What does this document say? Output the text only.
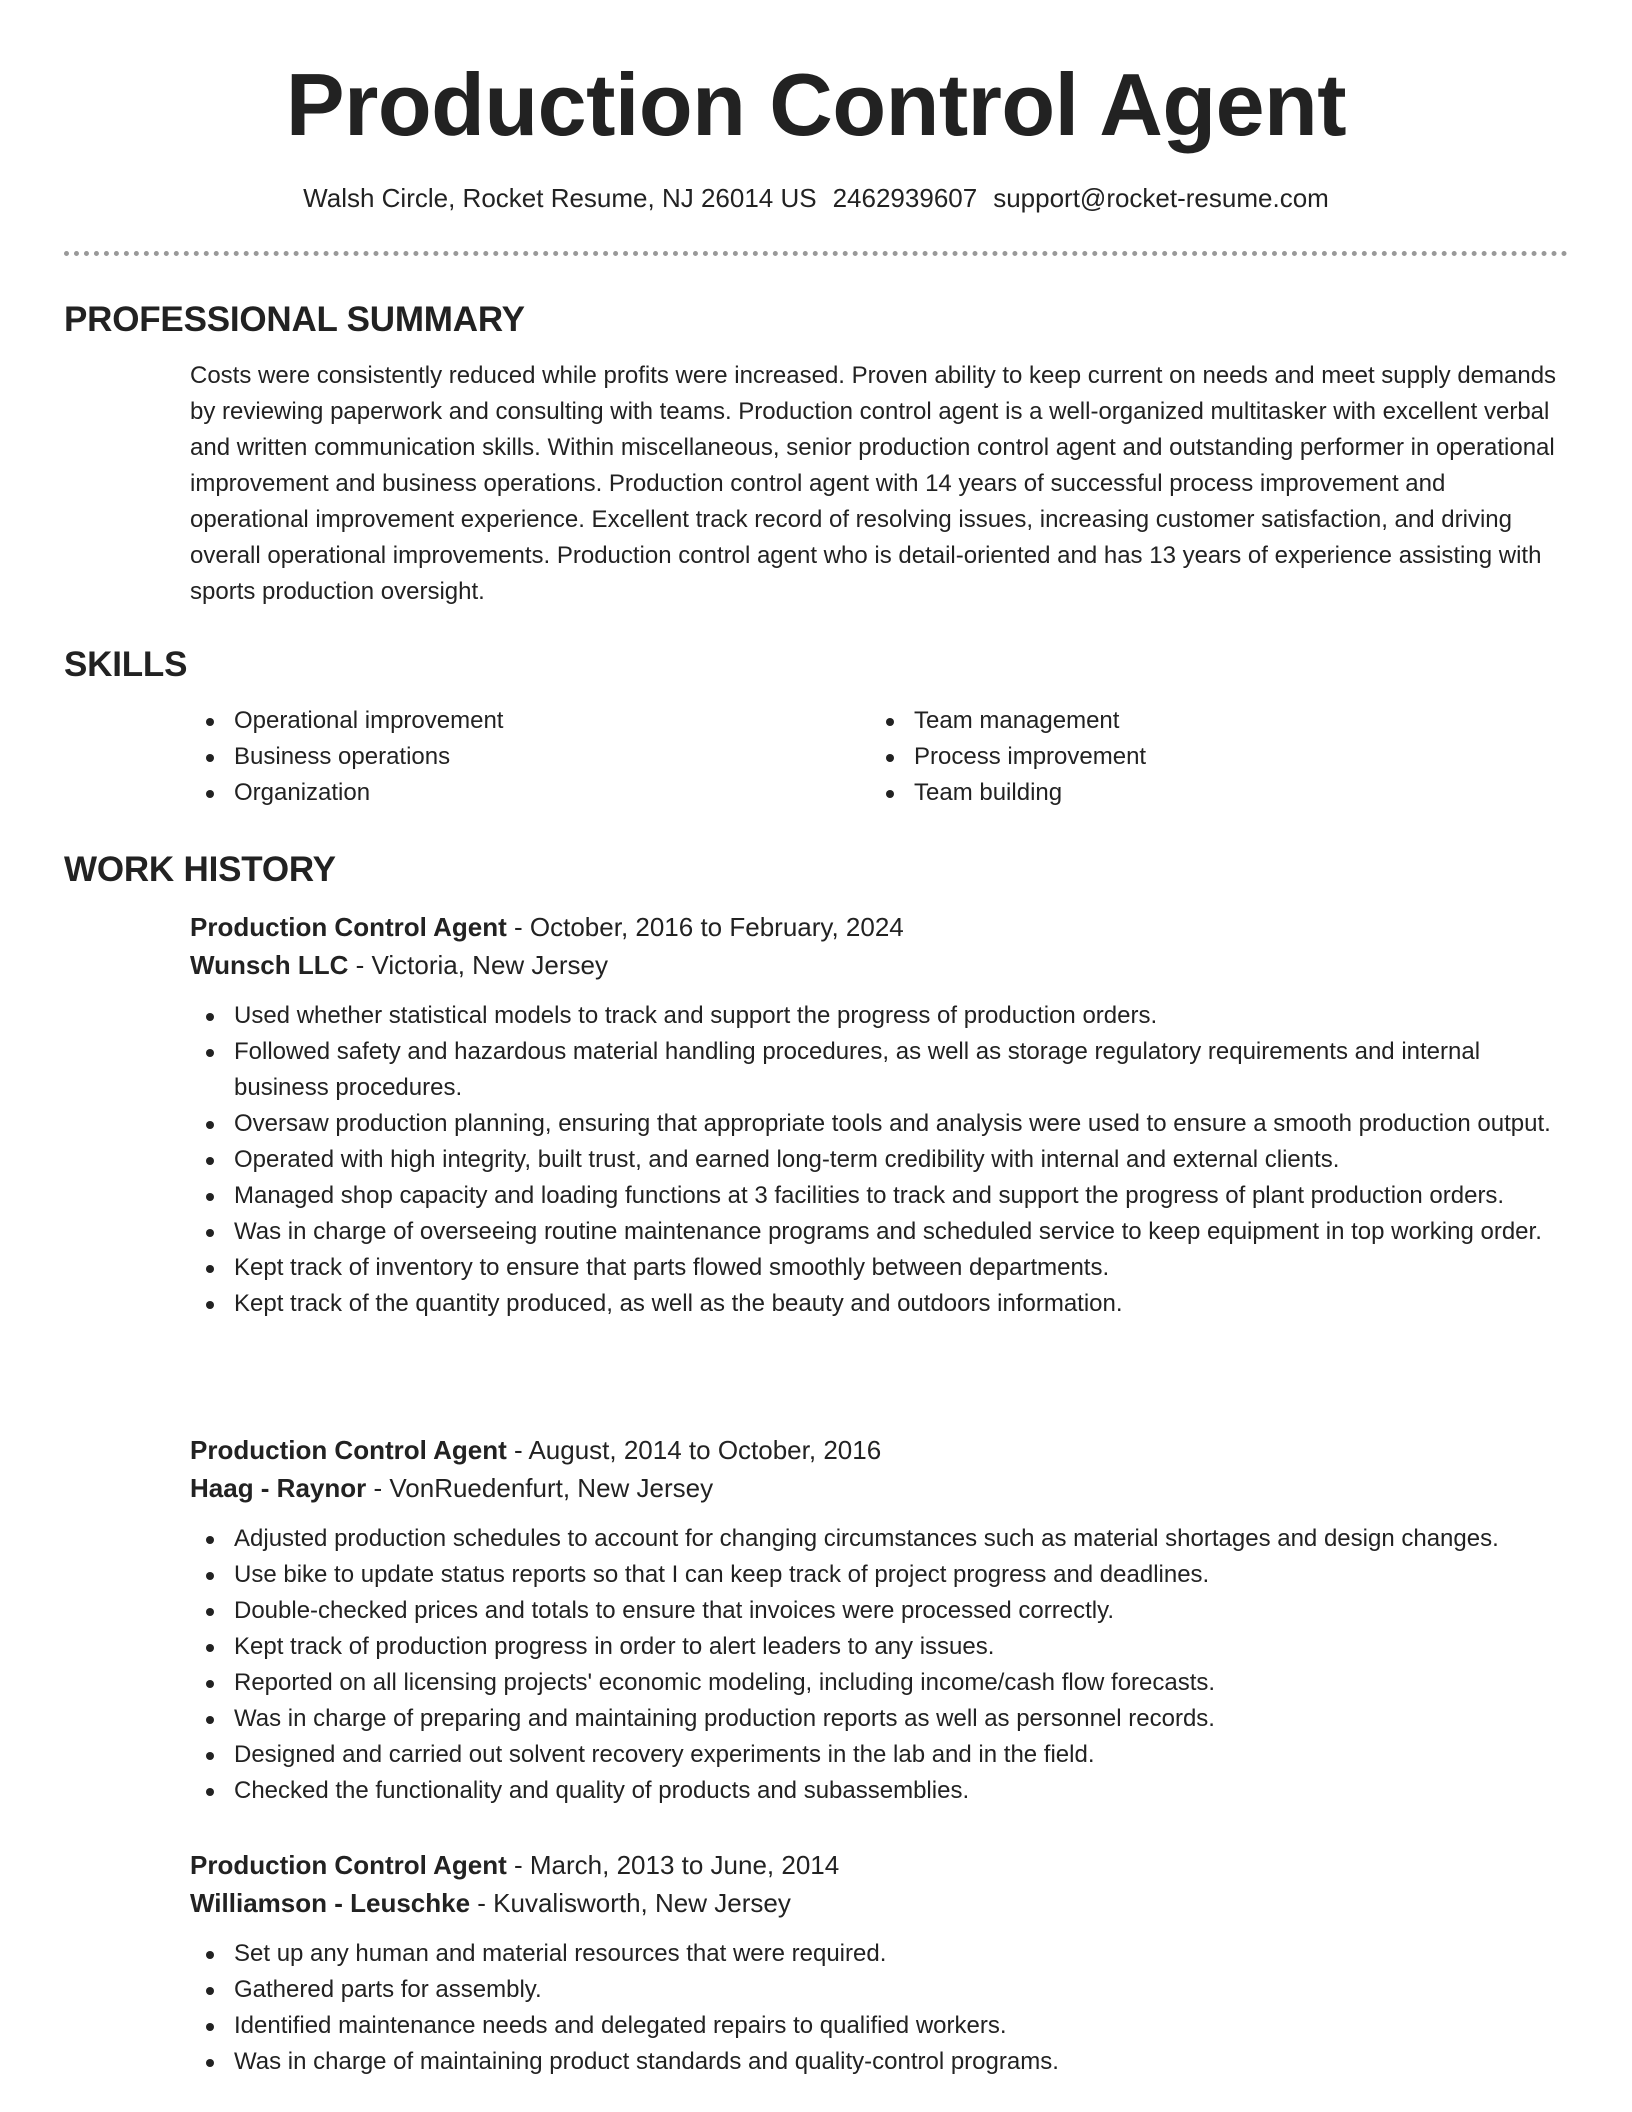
Production Control Agent
Walsh Circle, Rocket Resume, NJ 26014 US 2462939607 support@rocket-resume.com
PROFESSIONAL SUMMARY

Costs were consistently reduced while profits were increased. Proven ability to keep current on needs and meet supply demands by reviewing paperwork and consulting with teams. Production control agent is a well-organized multitasker with excellent verbal and written communication skills. Within miscellaneous, senior production control agent and outstanding performer in operational improvement and business operations. Production control agent with 14 years of successful process improvement and operational improvement experience. Excellent track record of resolving issues, increasing customer satisfaction, and driving overall operational improvements. Production control agent who is detail-oriented and has 13 years of experience assisting with sports production oversight.

SKILLS
Operational improvement
Business operations
Organization
Team management
Process improvement
Team building
WORK HISTORY
Production Control Agent - October, 2016 to February, 2024
Wunsch LLC - Victoria, New Jersey
Used whether statistical models to track and support the progress of production orders.
Followed safety and hazardous material handling procedures, as well as storage regulatory requirements and internal business procedures.
Oversaw production planning, ensuring that appropriate tools and analysis were used to ensure a smooth production output.
Operated with high integrity, built trust, and earned long-term credibility with internal and external clients.
Managed shop capacity and loading functions at 3 facilities to track and support the progress of plant production orders.
Was in charge of overseeing routine maintenance programs and scheduled service to keep equipment in top working order.
Kept track of inventory to ensure that parts flowed smoothly between departments.
Kept track of the quantity produced, as well as the beauty and outdoors information.
Production Control Agent - August, 2014 to October, 2016
Haag - Raynor - VonRuedenfurt, New Jersey
Adjusted production schedules to account for changing circumstances such as material shortages and design changes.
Use bike to update status reports so that I can keep track of project progress and deadlines.
Double-checked prices and totals to ensure that invoices were processed correctly.
Kept track of production progress in order to alert leaders to any issues.
Reported on all licensing projects' economic modeling, including income/cash flow forecasts.
Was in charge of preparing and maintaining production reports as well as personnel records.
Designed and carried out solvent recovery experiments in the lab and in the field.
Checked the functionality and quality of products and subassemblies.
Production Control Agent - March, 2013 to June, 2014
Williamson - Leuschke - Kuvalisworth, New Jersey
Set up any human and material resources that were required.
Gathered parts for assembly.
Identified maintenance needs and delegated repairs to qualified workers.
Was in charge of maintaining product standards and quality-control programs.
